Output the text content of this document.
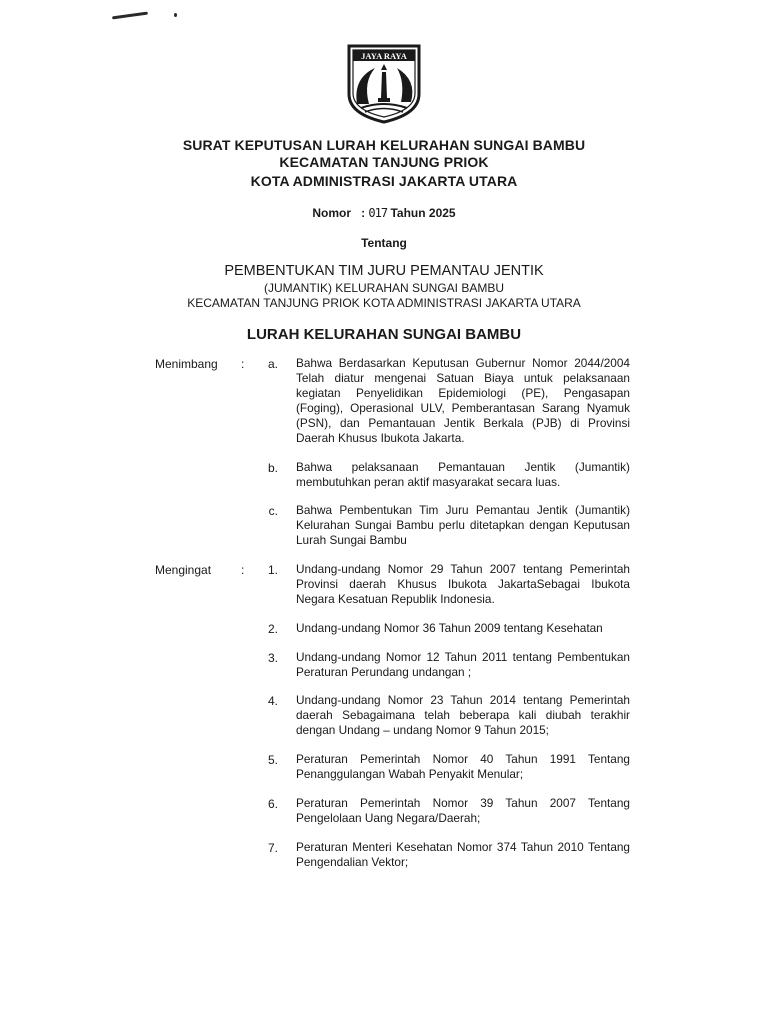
JAYA RAYA
SURAT KEPUTUSAN LURAH KELURAHAN SUNGAI BAMBU
KECAMATAN TANJUNG PRIOK
KOTA ADMINISTRASI JAKARTA UTARA
Nomor : 017 Tahun 2025
Tentang
PEMBENTUKAN TIM JURU PEMANTAU JENTIK
(JUMANTIK) KELURAHAN SUNGAI BAMBU
KECAMATAN TANJUNG PRIOK KOTA ADMINISTRASI JAKARTA UTARA
LURAH KELURAHAN SUNGAI BAMBU
Menimbang :	a. Bahwa Berdasarkan Keputusan Gubernur Nomor 2044/2004 Telah diatur mengenai Satuan Biaya untuk pelaksanaan kegiatan Penyelidikan Epidemiologi (PE), Pengasapan (Foging), Operasional ULV, Pemberantasan Sarang Nyamuk (PSN), dan Pemantauan Jentik Berkala (PJB) di Provinsi Daerah Khusus Ibukota Jakarta.
b. Bahwa pelaksanaan Pemantauan Jentik (Jumantik) membutuhkan peran aktif masyarakat secara luas.
c. Bahwa Pembentukan Tim Juru Pemantau Jentik (Jumantik) Kelurahan Sungai Bambu perlu ditetapkan dengan Keputusan Lurah Sungai Bambu
Mengingat :	1. Undang-undang Nomor 29 Tahun 2007 tentang Pemerintah Provinsi daerah Khusus Ibukota JakartaSebagai Ibukota Negara Kesatuan Republik Indonesia.
2. Undang-undang Nomor 36 Tahun 2009 tentang Kesehatan
3. Undang-undang Nomor 12 Tahun 2011 tentang Pembentukan Peraturan Perundang undangan ;
4. Undang-undang Nomor 23 Tahun 2014 tentang Pemerintah daerah Sebagaimana telah beberapa kali diubah terakhir dengan Undang – undang Nomor 9 Tahun 2015;
5. Peraturan Pemerintah Nomor 40 Tahun 1991 Tentang Penanggulangan Wabah Penyakit Menular;
6. Peraturan Pemerintah Nomor 39 Tahun 2007 Tentang Pengelolaan Uang Negara/Daerah;
7. Peraturan Menteri Kesehatan Nomor 374 Tahun 2010 Tentang Pengendalian Vektor;
